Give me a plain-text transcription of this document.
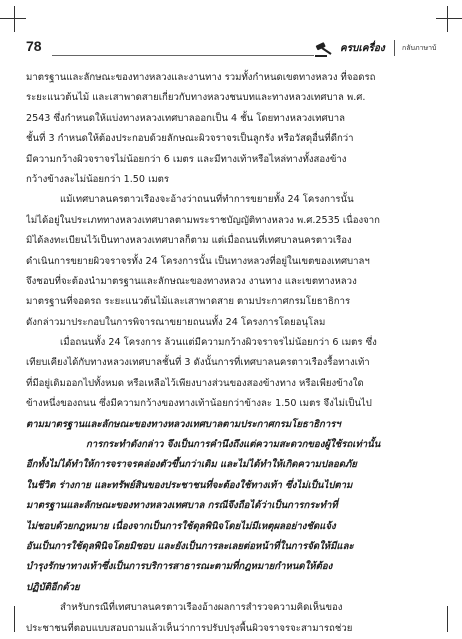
78	ครบเครื่อง กลับภาษาบ้
มาตรฐานและลักษณะของทางหลวงและงานทาง รวมทั้งกำหนดเขตทางหลวง ที่จอดรถ
ระยะแนวต้นไม้ และเสาพาดสายเกี่ยวกับทางหลวงชนบทและทางหลวงเทศบาล พ.ศ.
2543 ซึ่งกำหนดให้แบ่งทางหลวงเทศบาลออกเป็น 4 ชั้น โดยทางหลวงเทศบาล
ชั้นที่ 3 กำหนดให้ต้องประกอบด้วยลักษณะผิวจราจรเป็นลูกรัง หรือวัสดุอื่นที่ดีกว่า
มีความกว้างผิวจราจรไม่น้อยกว่า 6 เมตร และมีทางเท้าหรือไหล่ทางทั้งสองข้าง
กว้างข้างละไม่น้อยกว่า 1.50 เมตร
แม้เทศบาลนครตาวเรืองจะอ้างว่าถนนที่ทำการขยายทั้ง 24 โครงการนั้น
ไม่ได้อยู่ในประเภททางหลวงเทศบาลตามพระราชบัญญัติทางหลวง พ.ศ.2535 เนื่องจาก
มิได้ลงทะเบียนไว้เป็นทางหลวงเทศบาลก็ตาม แต่เมื่อถนนที่เทศบาลนครตาวเรือง
ดำเนินการขยายผิวจราจรทั้ง 24 โครงการนั้น เป็นทางหลวงที่อยู่ในเขตของเทศบาลฯ
จึงชอบที่จะต้องนำมาตรฐานและลักษณะของทางหลวง งานทาง และเขตทางหลวง
มาตรฐานที่จอดรถ ระยะแนวต้นไม้และเสาพาดสาย ตามประกาศกรมโยธาธิการ
ดังกล่าวมาประกอบในการพิจารณาขยายถนนทั้ง 24 โครงการโดยอนุโลม
เมื่อถนนทั้ง 24 โครงการ ล้วนแต่มีความกว้างผิวจราจรไม่น้อยกว่า 6 เมตร ซึ่ง
เทียบเคียงได้กับทางหลวงเทศบาลชั้นที่ 3 ดังนั้นการที่เทศบาลนครตาวเรืองรื้อทางเท้า
ที่มีอยู่เดิมออกไปทั้งหมด หรือเหลือไว้เพียงบางส่วนของสองข้างทาง หรือเพียงข้างใด
ข้างหนึ่งของถนน ซึ่งมีความกว้างของทางเท้าน้อยกว่าข้างละ 1.50 เมตร จึงไม่เป็นไป
ตามมาตรฐานและลักษณะของทางหลวงเทศบาลตามประกาศกรมโยธาธิการฯ
การกระทำดังกล่าว จึงเป็นการคำนึงถึงแต่ความสะดวกของผู้ใช้รถเท่านั้น
อีกทั้งไม่ได้ทำให้การจราจรคล่องตัวขึ้นกว่าเดิม และไม่ได้ทำให้เกิดความปลอดภัย
ในชีวิต ร่างกาย และทรัพย์สินของประชาชนที่จะต้องใช้ทางเท้า ซึ่งไม่เป็นไปตาม
มาตรฐานและลักษณะของทางหลวงเทศบาล กรณีจึงถือได้ว่าเป็นการกระทำที่
ไม่ชอบด้วยกฎหมาย เนื่องจากเป็นการใช้ดุลพินิจโดยไม่มีเหตุผลอย่างชัดแจ้ง
อันเป็นการใช้ดุลพินิจโดยมิชอบ และยังเป็นการละเลยต่อหน้าที่ในการจัดให้มีและ
บำรุงรักษาทางเท้าซึ่งเป็นการบริการสาธารณะตามที่กฎหมายกำหนดให้ต้อง
ปฏิบัติอีกด้วย
สำหรับกรณีที่เทศบาลนครตาวเรืองอ้างผลการสำรวจความคิดเห็นของ
ประชาชนที่ตอบแบบสอบถามแล้วเห็นว่าการปรับปรุงพื้นผิวจราจรจะสามารถช่วย
